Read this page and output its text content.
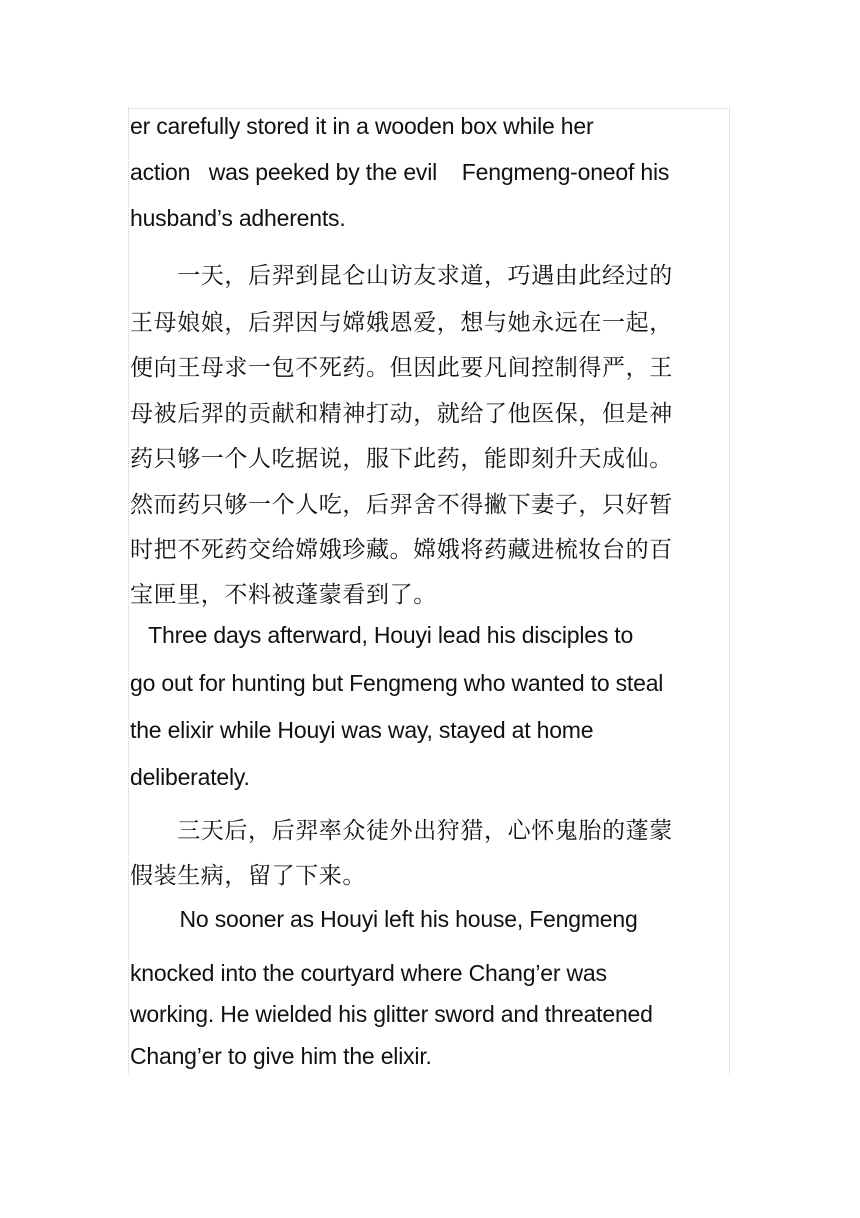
er carefully stored it in a wooden box while her

action   was peeked by the evil    Fengmeng-oneof his

husband’s adherents.

　　一天，后羿到昆仑山访友求道，巧遇由此经过的

王母娘娘，后羿因与嫦娥恩爱，想与她永远在一起，

便向王母求一包不死药。但因此要凡间控制得严，王

母被后羿的贡献和精神打动，就给了他医保，但是神

药只够一个人吃据说，服下此药，能即刻升天成仙。

然而药只够一个人吃，后羿舍不得撇下妻子，只好暂

时把不死药交给嫦娥珍藏。嫦娥将药藏进梳妆台的百

宝匣里，不料被蓬蒙看到了。

Three days afterward, Houyi lead his disciples to

go out for hunting but Fengmeng who wanted to steal

the elixir while Houyi was way, stayed at home

deliberately.

　　三天后，后羿率众徒外出狩猎，心怀鬼胎的蓬蒙

假装生病，留了下来。

No sooner as Houyi left his house, Fengmeng

knocked into the courtyard where Chang’er was

working. He wielded his glitter sword and threatened

Chang’er to give him the elixir.
